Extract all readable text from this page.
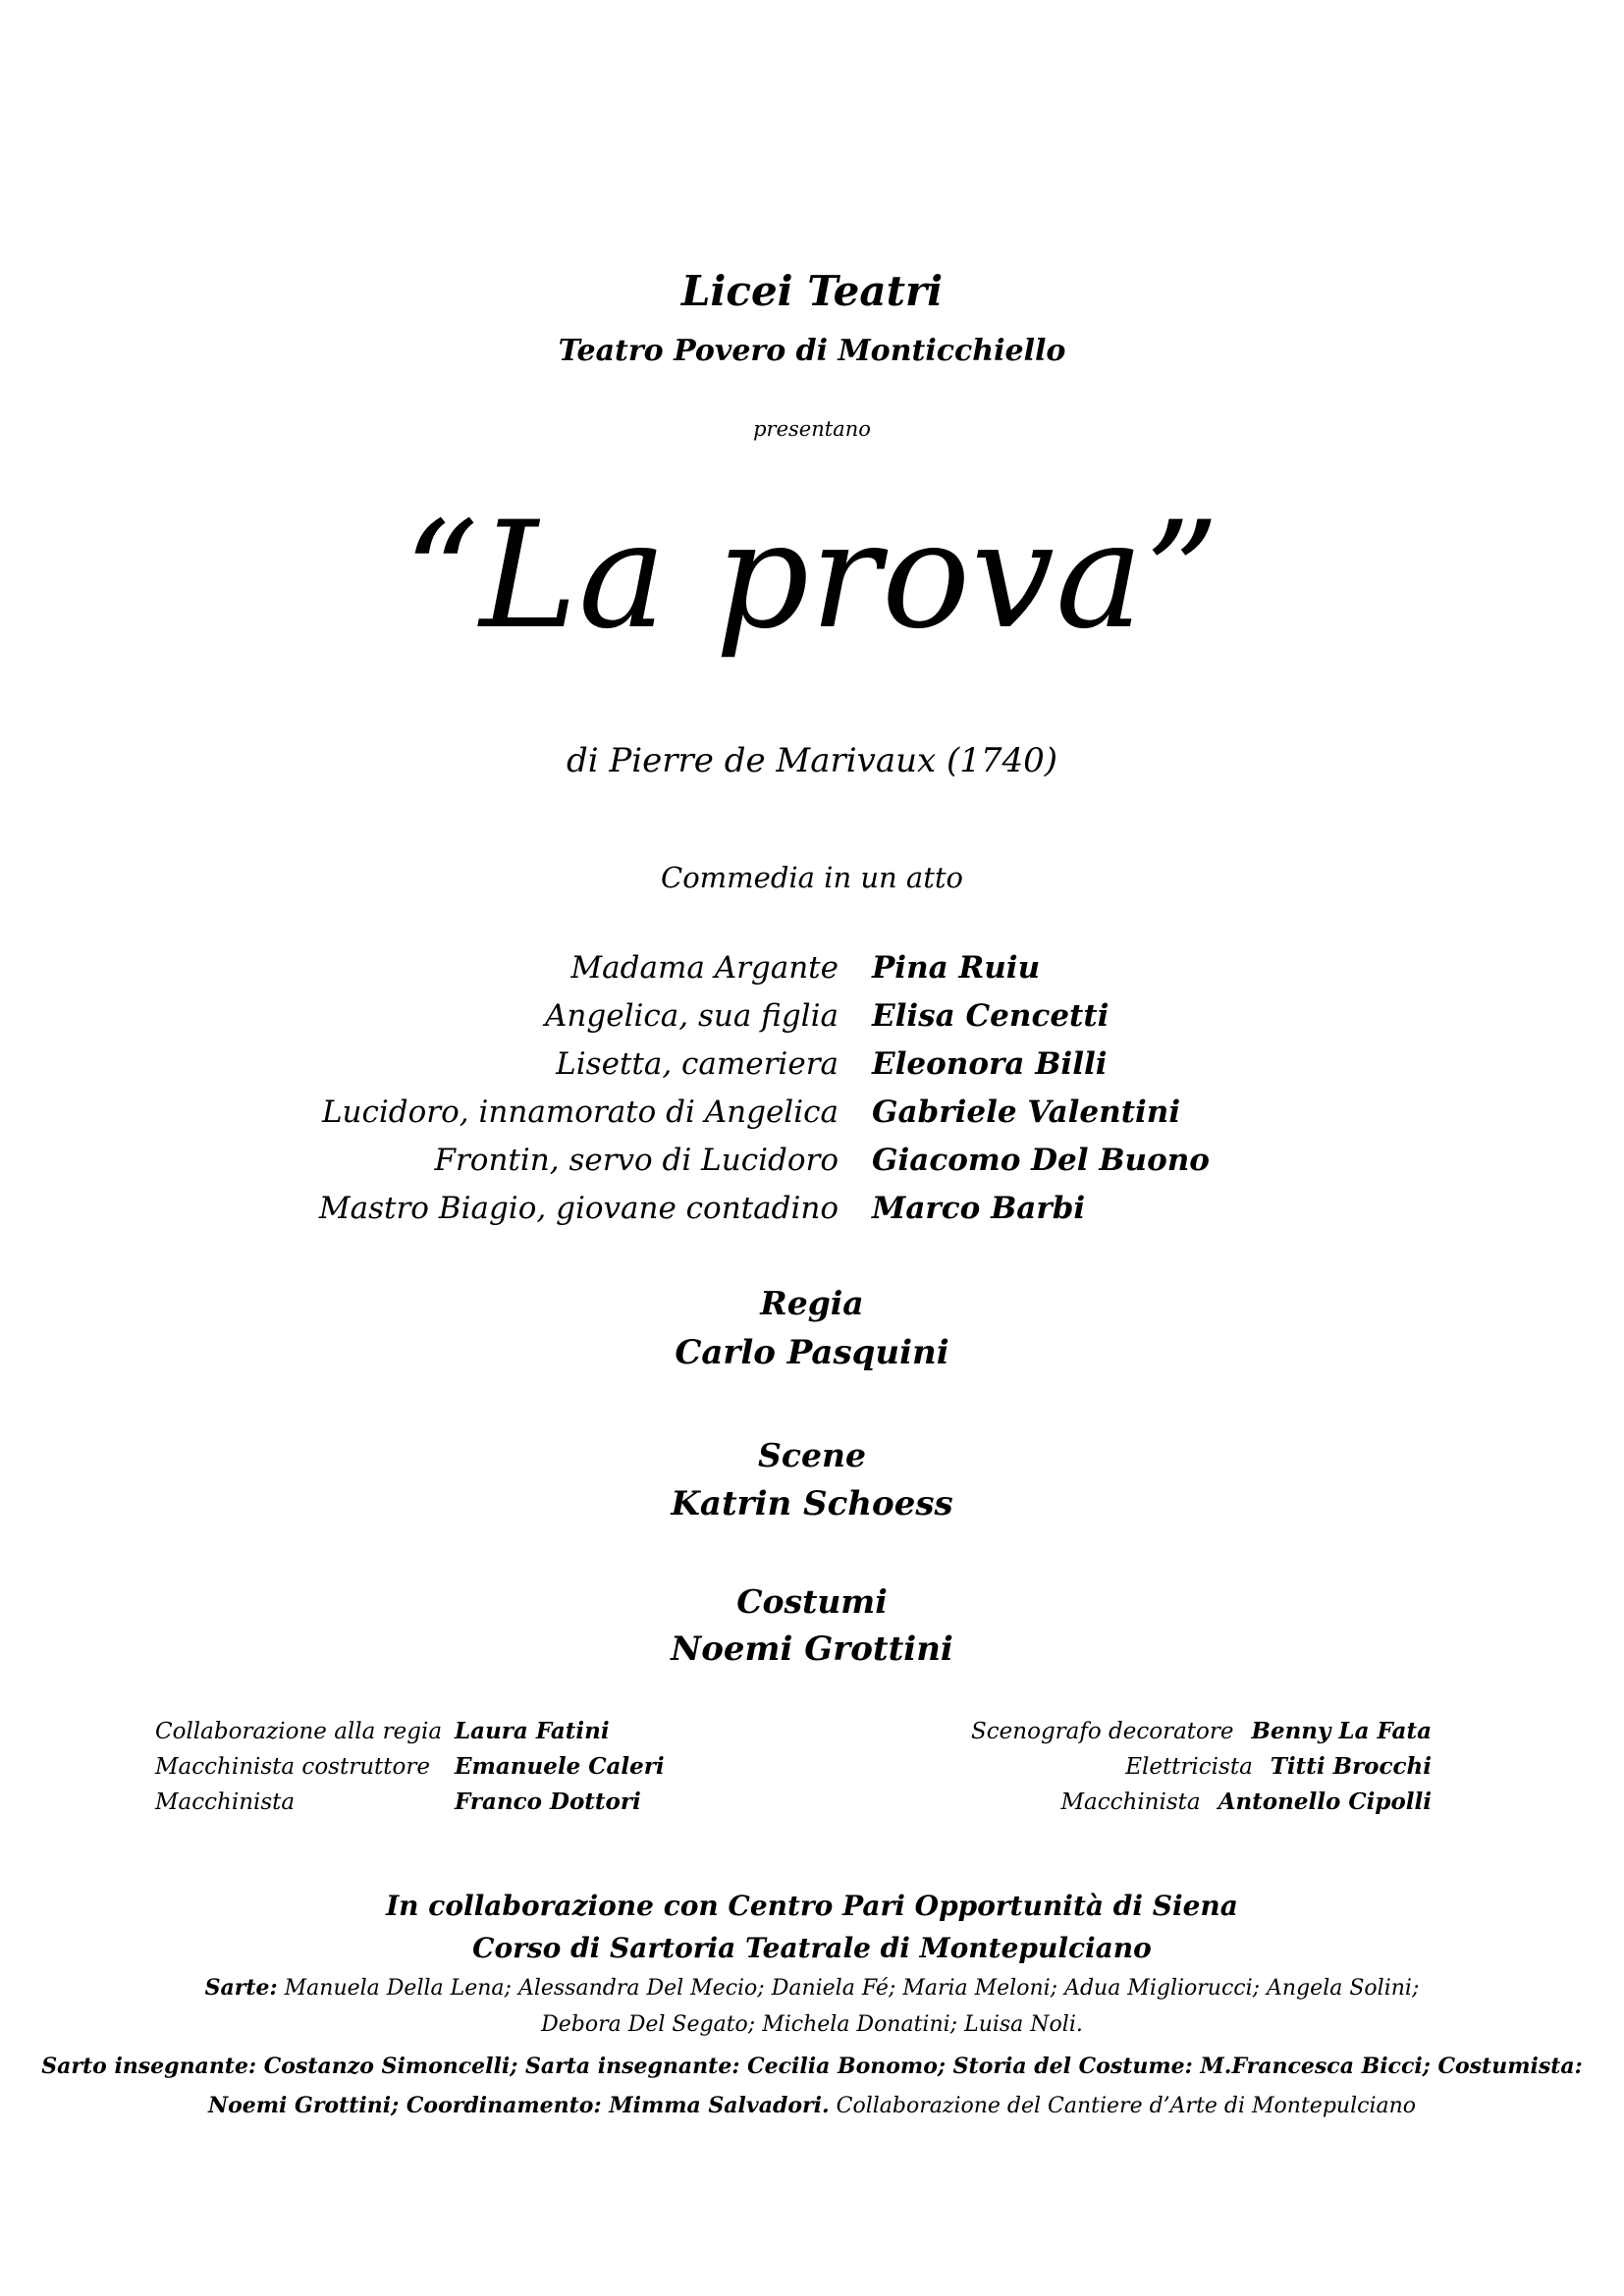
Licei Teatri
Teatro Povero di Monticchiello
presentano
“La prova”
di Pierre de Marivaux (1740)
Commedia in un atto
Madama Argante Pina Ruiu
Angelica, sua figlia Elisa Cencetti
Lisetta, cameriera Eleonora Billi
Lucidoro, innamorato di Angelica Gabriele Valentini
Frontin, servo di Lucidoro Giacomo Del Buono
Mastro Biagio, giovane contadino Marco Barbi
Regia
Carlo Pasquini
Scene
Katrin Schoess
Costumi
Noemi Grottini
Collaborazione alla regia Laura Fatini
Macchinista costruttore Emanuele Caleri
Macchinista	Franco Dottori
Scenografo decoratore Benny La Fata
Elettricista Titti Brocchi
Macchinista Antonello Cipolli
In collaborazione con Centro Pari Opportunità di Siena
Corso di Sartoria Teatrale di Montepulciano
Sarte: Manuela Della Lena; Alessandra Del Mecio; Daniela Fé; Maria Meloni; Adua Migliorucci; Angela Solini;
Debora Del Segato; Michela Donatini; Luisa Noli.
Sarto insegnante: Costanzo Simoncelli; Sarta insegnante: Cecilia Bonomo; Storia del Costume: M.Francesca Bicci; Costumista:
Noemi Grottini; Coordinamento: Mimma Salvadori. Collaborazione del Cantiere d’Arte di Montepulciano
